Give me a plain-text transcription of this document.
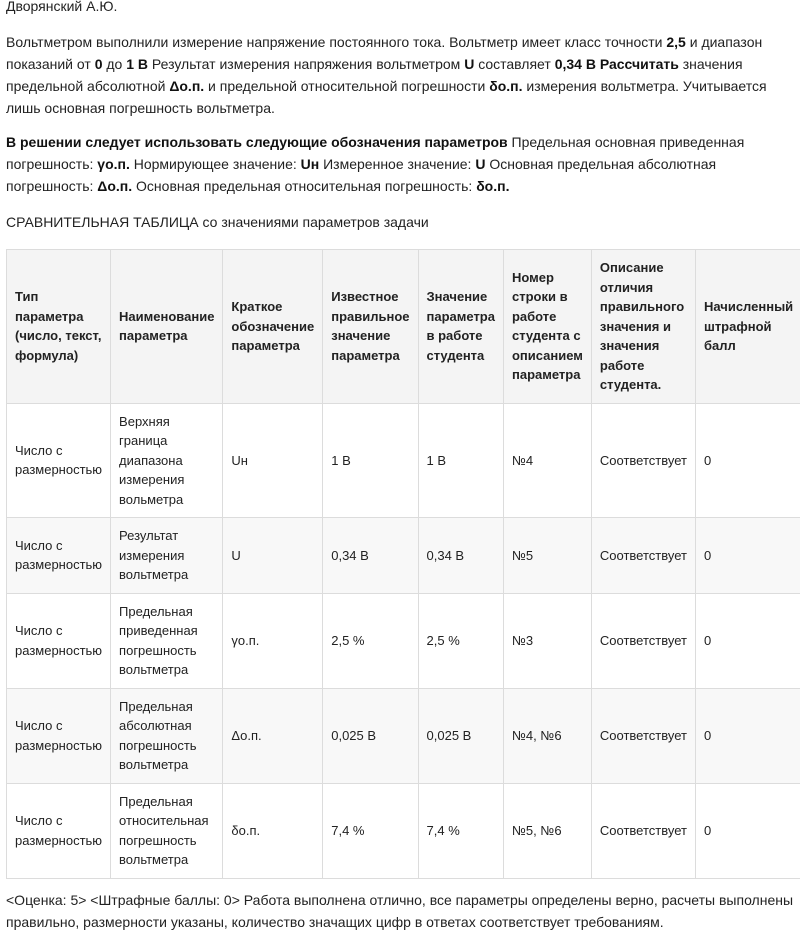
Дворянский А.Ю.

Вольтметром выполнили измерение напряжение постоянного тока. Вольтметр имеет класс точности 2,5 и диапазон показаний от 0 до 1 В Результат измерения напряжения вольтметром U составляет 0,34 В Рассчитать значения предельной абсолютной Δо.п. и предельной относительной погрешности δо.п. измерения вольтметра. Учитывается лишь основная погрешность вольтметра.

В решении следует использовать следующие обозначения параметров Предельная основная приведенная погрешность: γо.п. Нормирующее значение: Uн Измеренное значение: U Основная предельная абсолютная погрешность: Δо.п. Основная предельная относительная погрешность: δо.п.

СРАВНИТЕЛЬНАЯ ТАБЛИЦА со значениями параметров задачи

Тип параметра (число, текст, формула)	Наименование параметра	Краткое обозначение параметра	Известное правильное значение параметра	Значение параметра в работе студента	Номер строки в работе студента с описанием параметра	Описание отличия правильного значения и значения работе студента.	Начисленный штрафной балл
Число с размерностью	Верхняя граница диапазона измерения вольметра	Uн	1 В	1 В	№4	Соответствует	0
Число с размерностью	Результат измерения вольтметра	U	0,34 В	0,34 В	№5	Соответствует	0
Число с размерностью	Предельная приведенная погрешность вольтметра	γо.п.	2,5 %	2,5 %	№3	Соответствует	0
Число с размерностью	Предельная абсолютная погрешность вольтметра	Δо.п.	0,025 В	0,025 В	№4, №6	Соответствует	0
Число с размерностью	Предельная относительная погрешность вольтметра	δо.п.	7,4 %	7,4 %	№5, №6	Соответствует	0

<Оценка: 5> <Штрафные баллы: 0> Работа выполнена отлично, все параметры определены верно, расчеты выполнены правильно, размерности указаны, количество значащих цифр в ответах соответствует требованиям.
